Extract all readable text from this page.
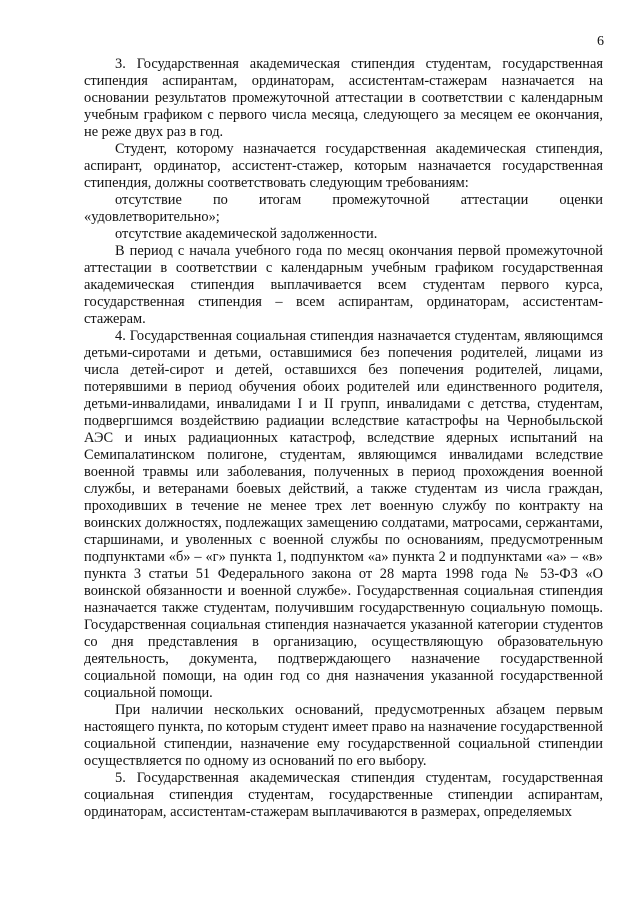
6

3. Государственная академическая стипендия студентам, государственная стипендия аспирантам, ординаторам, ассистентам-стажерам назначается на основании результатов промежуточной аттестации в соответствии с календарным учебным графиком с первого числа месяца, следующего за месяцем ее окончания, не реже двух раз в год.

Студент, которому назначается государственная академическая стипендия, аспирант, ординатор, ассистент-стажер, которым назначается государственная стипендия, должны соответствовать следующим требованиям:

отсутствие по итогам промежуточной аттестации оценки «удовлетворительно»;

отсутствие академической задолженности.

В период с начала учебного года по месяц окончания первой промежуточной аттестации в соответствии с календарным учебным графиком государственная академическая стипендия выплачивается всем студентам первого курса, государственная стипендия – всем аспирантам, ординаторам, ассистентам-стажерам.

4. Государственная социальная стипендия назначается студентам, являющимся детьми-сиротами и детьми, оставшимися без попечения родителей, лицами из числа детей-сирот и детей, оставшихся без попечения родителей, лицами, потерявшими в период обучения обоих родителей или единственного родителя, детьми-инвалидами, инвалидами I и II групп, инвалидами с детства, студентам, подвергшимся воздействию радиации вследствие катастрофы на Чернобыльской АЭС и иных радиационных катастроф, вследствие ядерных испытаний на Семипалатинском полигоне, студентам, являющимся инвалидами вследствие военной травмы или заболевания, полученных в период прохождения военной службы, и ветеранами боевых действий, а также студентам из числа граждан, проходивших в течение не менее трех лет военную службу по контракту на воинских должностях, подлежащих замещению солдатами, матросами, сержантами, старшинами, и уволенных с военной службы по основаниям, предусмотренным подпунктами «б» – «г» пункта 1, подпунктом «а» пункта 2 и подпунктами «а» – «в» пункта 3 статьи 51 Федерального закона от 28 марта 1998 года № 53-ФЗ «О воинской обязанности и военной службе». Государственная социальная стипендия назначается также студентам, получившим государственную социальную помощь. Государственная социальная стипендия назначается указанной категории студентов со дня представления в организацию, осуществляющую образовательную деятельность, документа, подтверждающего назначение государственной социальной помощи, на один год со дня назначения указанной государственной социальной помощи.

При наличии нескольких оснований, предусмотренных абзацем первым настоящего пункта, по которым студент имеет право на назначение государственной социальной стипендии, назначение ему государственной социальной стипендии осуществляется по одному из оснований по его выбору.

5. Государственная академическая стипендия студентам, государственная социальная стипендия студентам, государственные стипендии аспирантам, ординаторам, ассистентам-стажерам выплачиваются в размерах, определяемых
